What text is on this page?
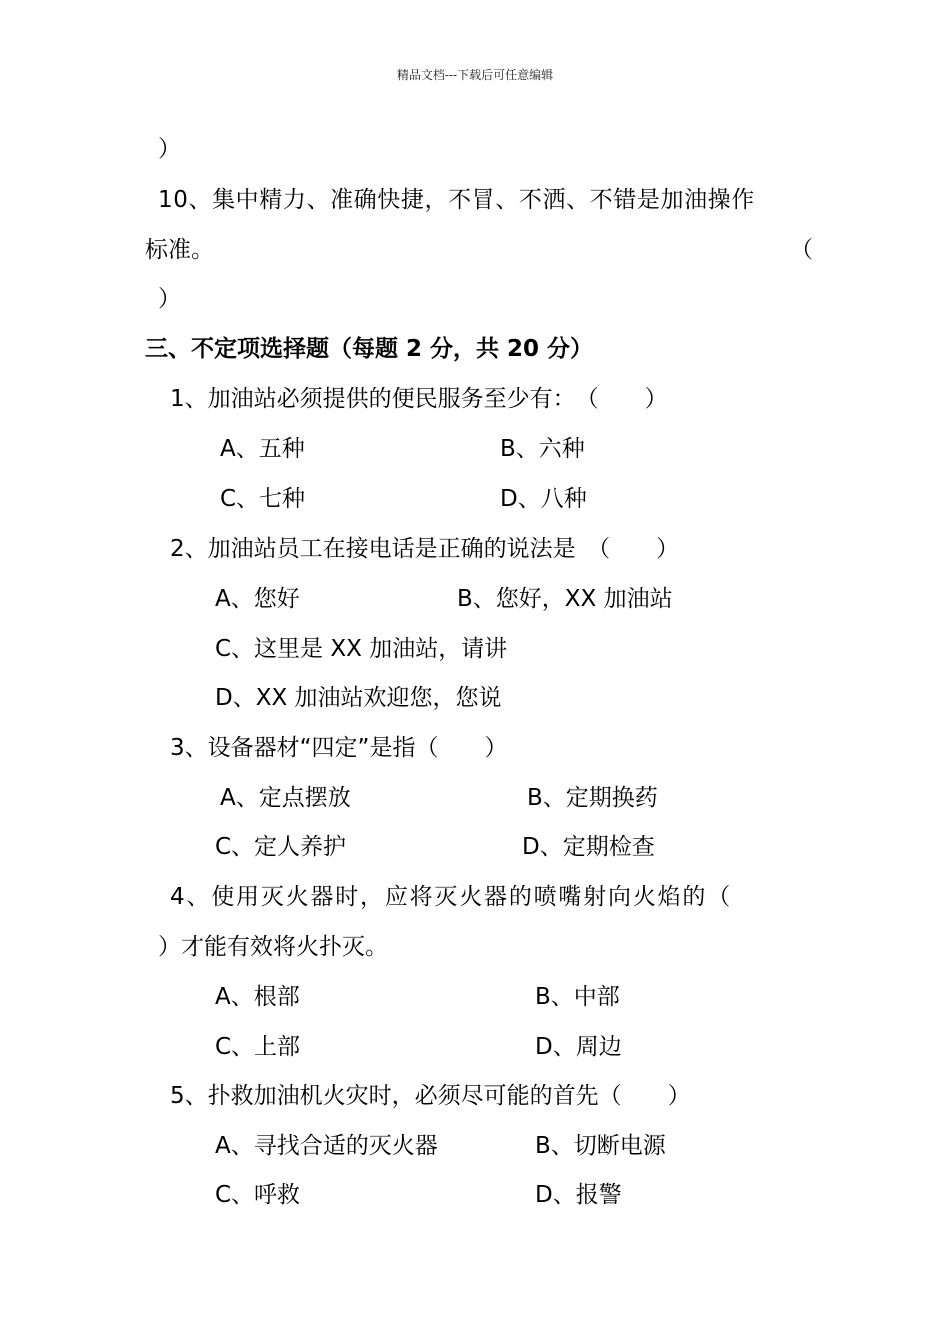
精品文档---下载后可任意编辑
）
10、集中精力、准确快捷，不冒、不洒、不错是加油操作
标准。	（
）
三、不定项选择题（每题 2 分，共 20 分）
1、加油站必须提供的便民服务至少有：　（　　）
A、五种	B、六种
C、七种	D、八种
2、加油站员工在接电话是正确的说法是　（　　）
A、您好	B、您好，XX 加油站
C、这里是 XX 加油站，请讲
D、XX 加油站欢迎您，您说
3、设备器材“四定”是指（　　）
A、定点摆放	B、定期换药
C、定人养护	D、定期检查
4、使用灭火器时，应将灭火器的喷嘴射向火焰的（
）才能有效将火扑灭。
A、根部	B、中部
C、上部	D、周边
5、扑救加油机火灾时，必须尽可能的首先（　　）
A、寻找合适的灭火器	B、切断电源
C、呼救	D、报警
